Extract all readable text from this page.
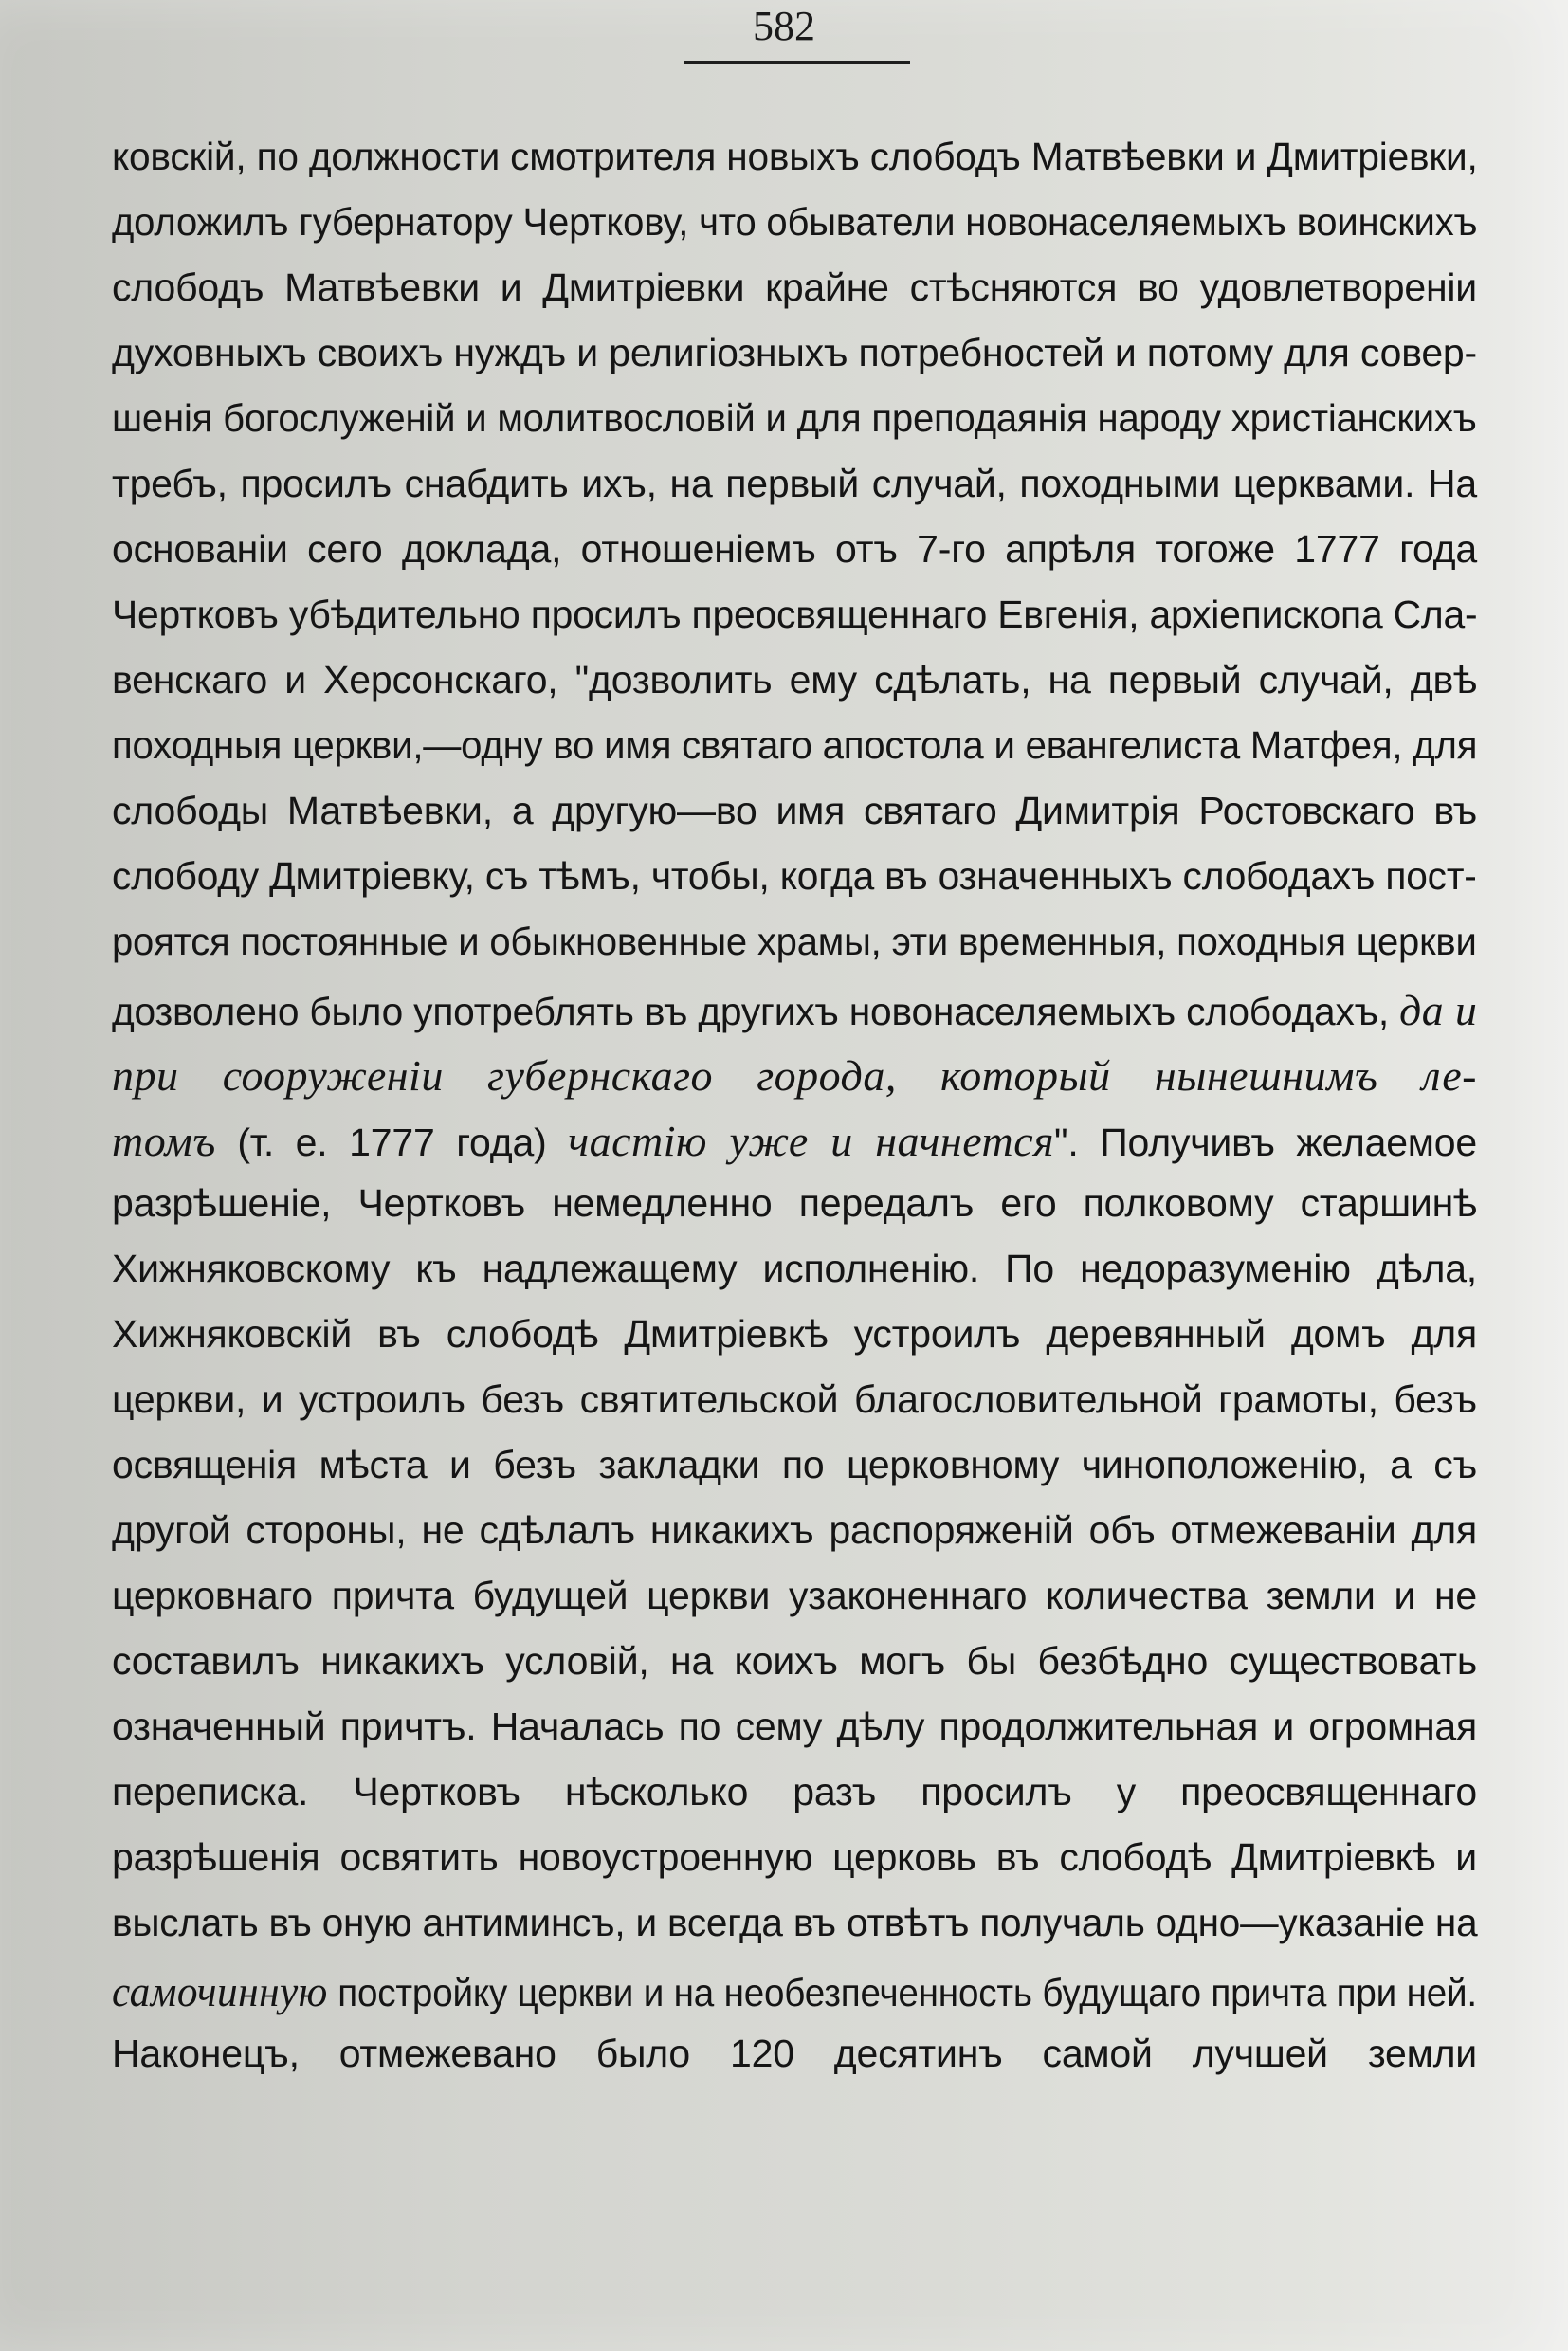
582
ковскій, по должности смотрителя новыхъ слободъ Матвѣевки и Дмитріевки,
доложилъ губернатору Черткову, что обыватели новонаселяемыхъ воинскихъ
слободъ Матвѣевки и Дмитріевки крайне стѣсняются во удовлетвореніи
духовныхъ своихъ нуждъ и религіозныхъ потребностей и потому для совер-
шенія богослуженій и молитвословій и для преподаянія народу христіанскихъ
требъ, просилъ снабдить ихъ, на первый случай, походными церквами. На
основаніи сего доклада, отношеніемъ отъ 7-го апрѣля тогоже 1777 года
Чертковъ убѣдительно просилъ преосвященнаго Евгенія, архіепископа Сла-
венскаго и Херсонскаго, "дозволить ему сдѣлать, на первый случай, двѣ
походныя церкви,—одну во имя святаго апостола и евангелиста Матфея, для
слободы Матвѣевки, а другую—во имя святаго Димитрія Ростовскаго въ
слободу Дмитріевку, съ тѣмъ, чтобы, когда въ означенныхъ слободахъ пост-
роятся постоянные и обыкновенные храмы, эти временныя, походныя церкви
дозволено было употреблять въ другихъ новонаселяемыхъ слободахъ, да и
при сооруженіи губернскаго города, который нынешнимъ ле-
томъ (т. е. 1777 года) частію уже и начнется". Получивъ желаемое
разрѣшеніе, Чертковъ немедленно передалъ его полковому старшинѣ
Хижняковскому къ надлежащему исполненію. По недоразуменію дѣла,
Хижняковскій въ слободѣ Дмитріевкѣ устроилъ деревянный домъ для
церкви, и устроилъ безъ святительской благословительной грамоты, безъ
освященія мѣста и безъ закладки по церковному чиноположенію, а съ
другой стороны, не сдѣлалъ никакихъ распоряженій объ отмежеваніи для
церковнаго причта будущей церкви узаконеннаго количества земли и не
составилъ никакихъ условій, на коихъ могъ бы безбѣдно существовать
означенный причтъ. Началась по сему дѣлу продолжительная и огромная
переписка. Чертковъ нѣсколько разъ просилъ у преосвященнаго
разрѣшенія освятить новоустроенную церковь въ слободѣ Дмитріевкѣ и
выслать въ оную антиминсъ, и всегда въ отвѣтъ получаль одно—указаніе на
самочинную постройку церкви и на необезпеченность будущаго причта при ней.
Наконецъ, отмежевано было 120 десятинъ самой лучшей земли
